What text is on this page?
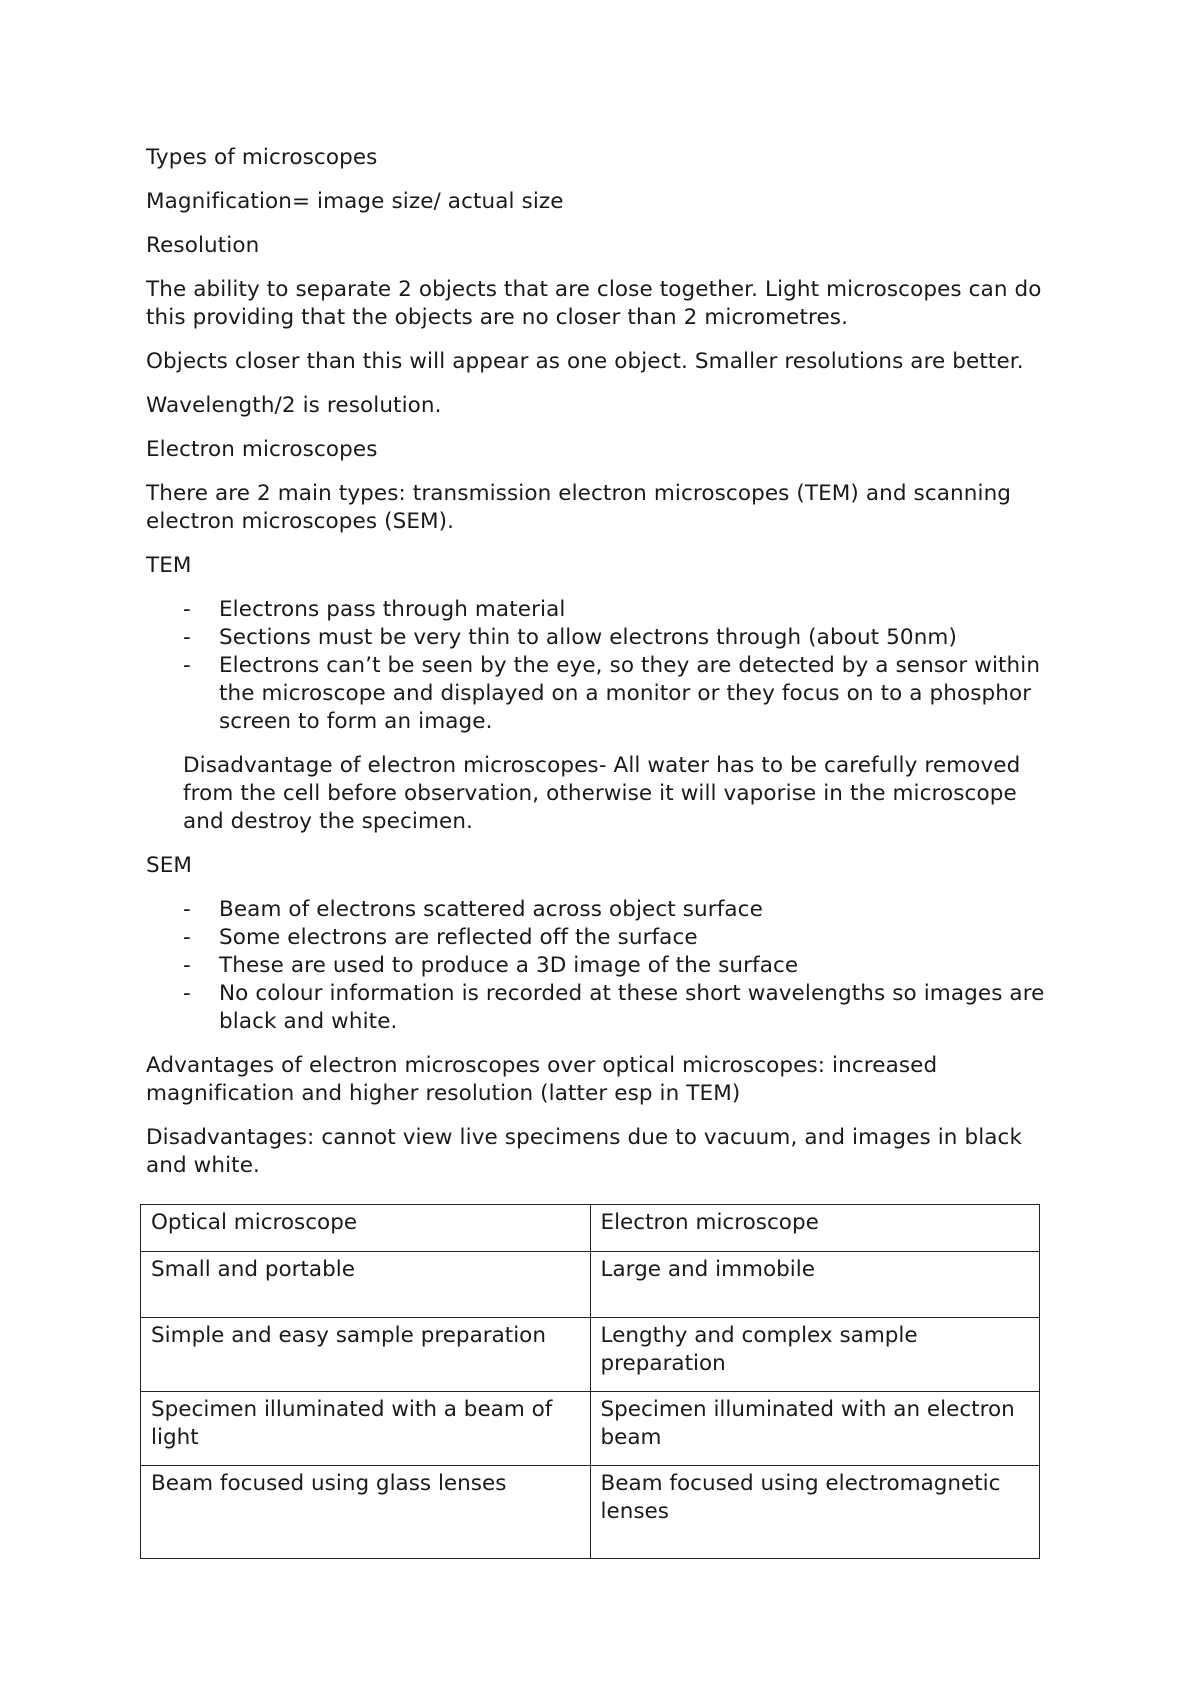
Types of microscopes

Magnification= image size/ actual size

Resolution

The ability to separate 2 objects that are close together. Light microscopes can do this providing that the objects are no closer than 2 micrometres.

Objects closer than this will appear as one object. Smaller resolutions are better.

Wavelength/2 is resolution.

Electron microscopes

There are 2 main types: transmission electron microscopes (TEM) and scanning electron microscopes (SEM).

TEM

- Electrons pass through material
- Sections must be very thin to allow electrons through (about 50nm)
- Electrons can’t be seen by the eye, so they are detected by a sensor within the microscope and displayed on a monitor or they focus on to a phosphor screen to form an image.

Disadvantage of electron microscopes- All water has to be carefully removed from the cell before observation, otherwise it will vaporise in the microscope and destroy the specimen.

SEM

- Beam of electrons scattered across object surface
- Some electrons are reflected off the surface
- These are used to produce a 3D image of the surface
- No colour information is recorded at these short wavelengths so images are black and white.

Advantages of electron microscopes over optical microscopes: increased magnification and higher resolution (latter esp in TEM)

Disadvantages: cannot view live specimens due to vacuum, and images in black and white.

Optical microscope	Electron microscope
Small and portable	Large and immobile
Simple and easy sample preparation	Lengthy and complex sample preparation
Specimen illuminated with a beam of light	Specimen illuminated with an electron beam
Beam focused using glass lenses	Beam focused using electromagnetic lenses
